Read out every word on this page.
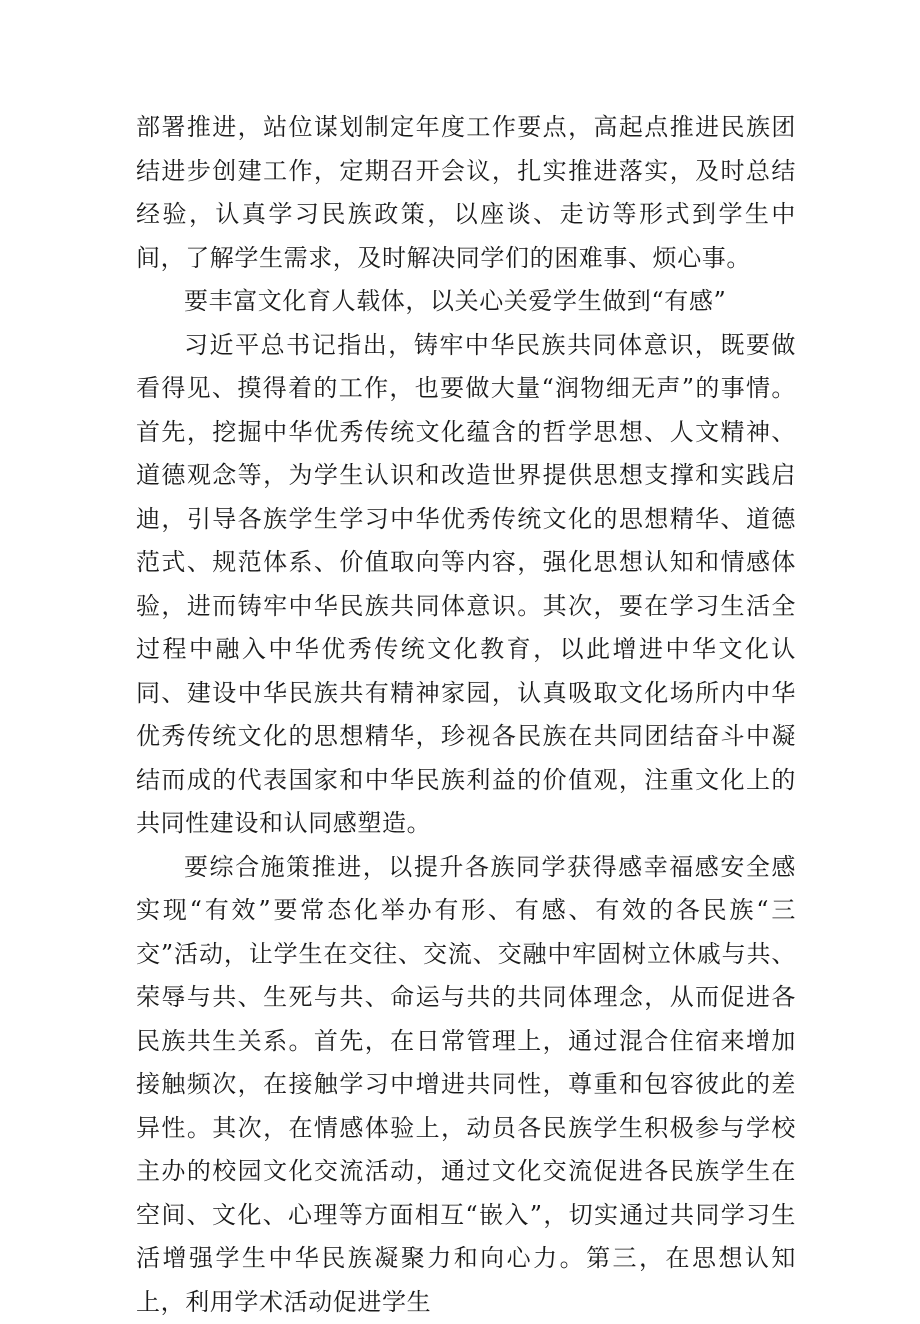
部署推进，站位谋划制定年度工作要点，高起点推进民族团结进步创建工作，定期召开会议，扎实推进落实，及时总结经验，认真学习民族政策，以座谈、走访等形式到学生中间，了解学生需求，及时解决同学们的困难事、烦心事。

要丰富文化育人载体，以关心关爱学生做到“有感”

习近平总书记指出，铸牢中华民族共同体意识，既要做看得见、摸得着的工作，也要做大量“润物细无声”的事情。首先，挖掘中华优秀传统文化蕴含的哲学思想、人文精神、道德观念等，为学生认识和改造世界提供思想支撑和实践启迪，引导各族学生学习中华优秀传统文化的思想精华、道德范式、规范体系、价值取向等内容，强化思想认知和情感体验，进而铸牢中华民族共同体意识。其次，要在学习生活全过程中融入中华优秀传统文化教育，以此增进中华文化认同、建设中华民族共有精神家园，认真吸取文化场所内中华优秀传统文化的思想精华，珍视各民族在共同团结奋斗中凝结而成的代表国家和中华民族利益的价值观，注重文化上的共同性建设和认同感塑造。

要综合施策推进，以提升各族同学获得感幸福感安全感实现“有效”要常态化举办有形、有感、有效的各民族“三交”活动，让学生在交往、交流、交融中牢固树立休戚与共、荣辱与共、生死与共、命运与共的共同体理念，从而促进各民族共生关系。首先，在日常管理上，通过混合住宿来增加接触频次，在接触学习中增进共同性，尊重和包容彼此的差异性。其次，在情感体验上，动员各民族学生积极参与学校主办的校园文化交流活动，通过文化交流促进各民族学生在空间、文化、心理等方面相互“嵌入”，切实通过共同学习生活增强学生中华民族凝聚力和向心力。第三，在思想认知上，利用学术活动促进学生
